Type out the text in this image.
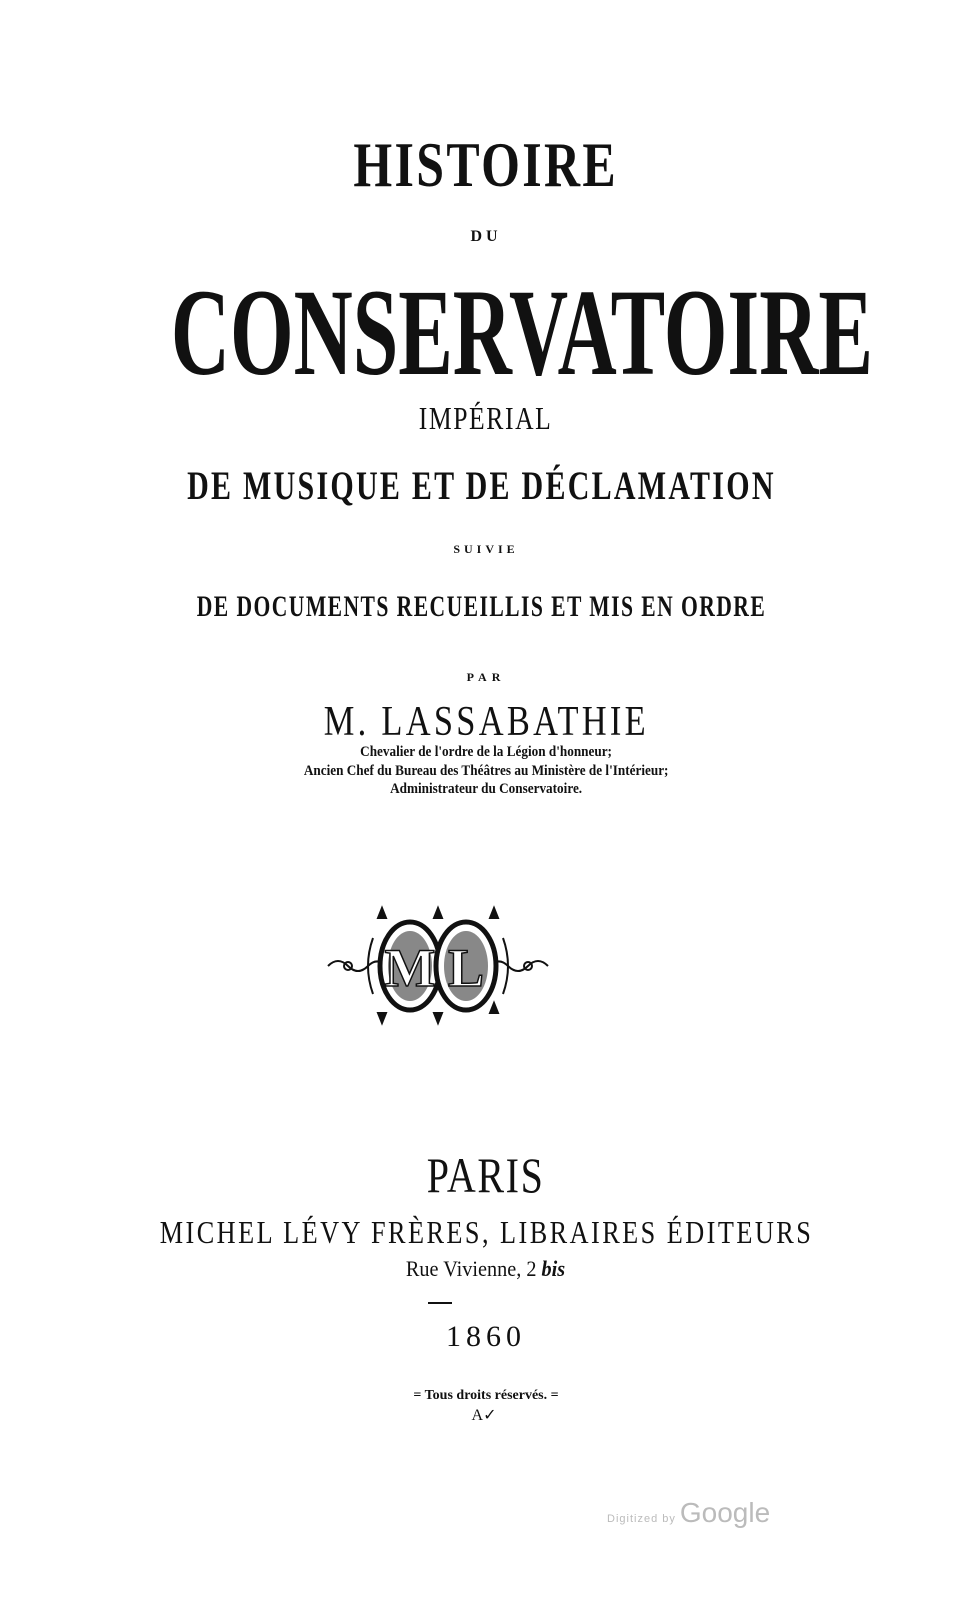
HISTOIRE
DU
CONSERVATOIRE
IMPÉRIAL
DE MUSIQUE ET DE DÉCLAMATION
SUIVIE
DE DOCUMENTS RECUEILLIS ET MIS EN ORDRE
PAR
M. LASSABATHIE
Chevalier de l'ordre de la Légion d'honneur;
Ancien Chef du Bureau des Théâtres au Ministère de l'Intérieur;
Administrateur du Conservatoire.
M L
PARIS
MICHEL LÉVY FRÈRES, LIBRAIRES ÉDITEURS
Rue Vivienne, 2 bis
1860
= Tous droits réservés. =
A✓
Digitized by Google
